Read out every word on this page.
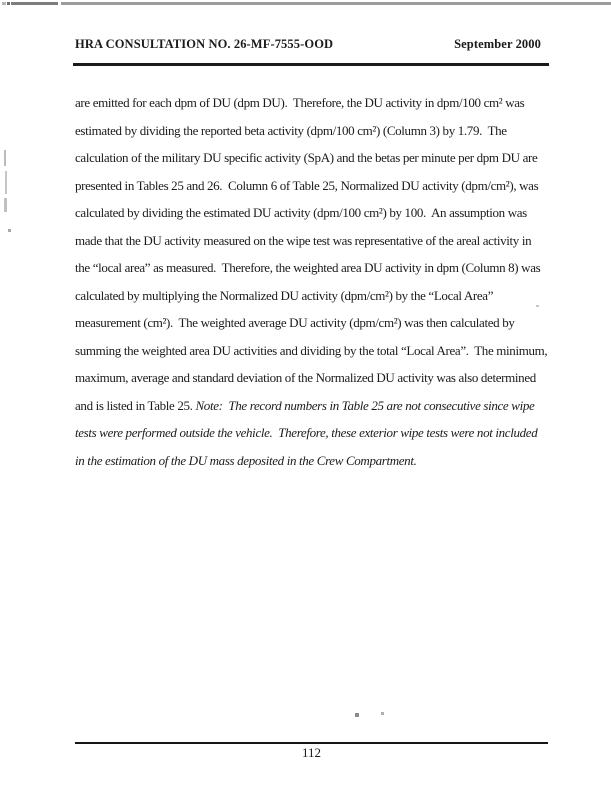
HRA CONSULTATION NO. 26-MF-7555-OOD	September 2000
are emitted for each dpm of DU (dpm DU).  Therefore, the DU activity in dpm/100 cm² was
estimated by dividing the reported beta activity (dpm/100 cm²) (Column 3) by 1.79.  The
calculation of the military DU specific activity (SpA) and the betas per minute per dpm DU are
presented in Tables 25 and 26.  Column 6 of Table 25, Normalized DU activity (dpm/cm²), was
calculated by dividing the estimated DU activity (dpm/100 cm²) by 100.  An assumption was
made that the DU activity measured on the wipe test was representative of the areal activity in
the “local area” as measured.  Therefore, the weighted area DU activity in dpm (Column 8) was
calculated by multiplying the Normalized DU activity (dpm/cm²) by the “Local Area”
measurement (cm²).  The weighted average DU activity (dpm/cm²) was then calculated by
summing the weighted area DU activities and dividing by the total “Local Area”.  The minimum,
maximum, average and standard deviation of the Normalized DU activity was also determined
and is listed in Table 25. Note:  The record numbers in Table 25 are not consecutive since wipe
tests were performed outside the vehicle.  Therefore, these exterior wipe tests were not included
in the estimation of the DU mass deposited in the Crew Compartment.
112
